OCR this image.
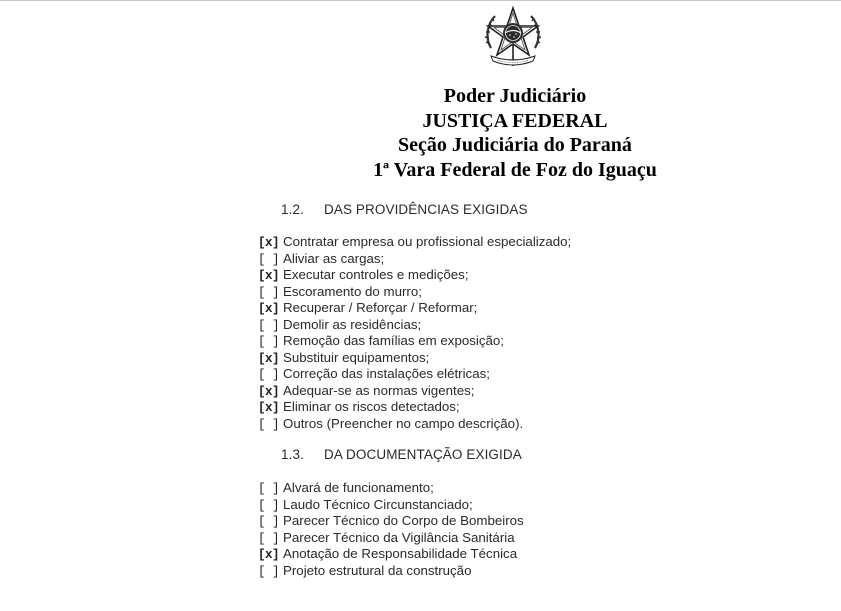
Poder Judiciário
JUSTIÇA FEDERAL
Seção Judiciária do Paraná
1ª Vara Federal de Foz do Iguaçu
1.2. DAS PROVIDÊNCIAS EXIGIDAS
[x] Contratar empresa ou profissional especializado;
[ ] Aliviar as cargas;
[x] Executar controles e medições;
[ ] Escoramento do murro;
[x] Recuperar / Reforçar / Reformar;
[ ] Demolir as residências;
[ ] Remoção das famílias em exposição;
[x] Substituir equipamentos;
[ ] Correção das instalações elétricas;
[x] Adequar-se as normas vigentes;
[x] Eliminar os riscos detectados;
[ ] Outros (Preencher no campo descrição).
1.3. DA DOCUMENTAÇÃO EXIGIDA
[ ] Alvará de funcionamento;
[ ] Laudo Técnico Circunstanciado;
[ ] Parecer Técnico do Corpo de Bombeiros
[ ] Parecer Técnico da Vigilância Sanitária
[x] Anotação de Responsabilidade Técnica
[ ] Projeto estrutural da construção
